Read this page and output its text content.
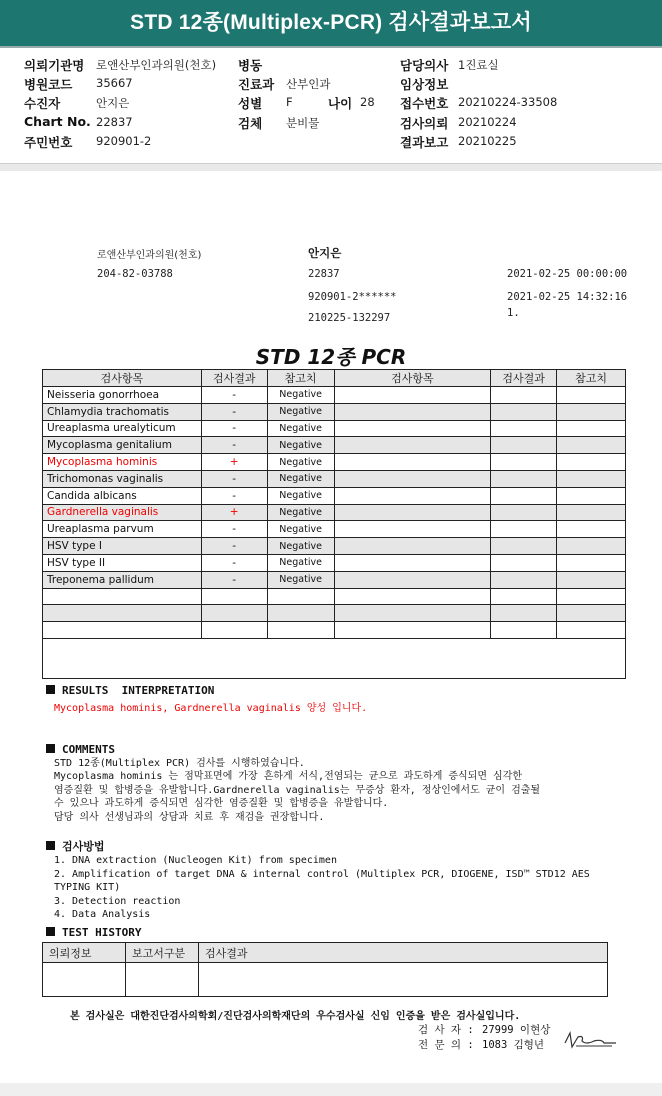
STD 12종(Multiplex-PCR) 검사결과보고서
의뢰기관명 로앤산부인과의원(천호)
병원코드 35667
수진자	안지은
Chart No. 22837
주민번호 920901-2
병동
진료과 산부인과
성별 F	나이 28
검체 분비물
담당의사 1진료실
임상정보
접수번호 20210224-33508
검사의뢰 20210224
결과보고 20210225
로앤산부인과의원(천호)
204-82-03788
안지은
22837
920901-2******
210225-132297
2021-02-25 00:00:00
2021-02-25 14:32:16
1.
STD 12종 PCR
검사항목	검사결과	참고치	검사항목	검사결과	참고치
Neisseria gonorrhoea	-	Negative			
Chlamydia trachomatis	-	Negative			
Ureaplasma urealyticum	-	Negative			
Mycoplasma genitalium	-	Negative			
Mycoplasma hominis	+	Negative			
Trichomonas vaginalis	-	Negative			
Candida albicans	-	Negative			
Gardnerella vaginalis	+	Negative			
Ureaplasma parvum	-	Negative			
HSV type I	-	Negative			
HSV type II	-	Negative			
Treponema pallidum	-	Negative			

RESULTS  INTERPRETATION
Mycoplasma hominis, Gardnerella vaginalis 양성 입니다.
COMMENTS
STD 12종(Multiplex PCR) 검사를 시행하였습니다.
Mycoplasma hominis 는 점막표면에 가장 흔하게 서식,전염되는 균으로 과도하게 증식되면 심각한
염증질환 및 합병증을 유발합니다.Gardnerella vaginalis는 무증상 환자, 정상인에서도 균이 검출될
수 있으나 과도하게 증식되면 심각한 염증질환 및 합병증을 유발합니다.
담당 의사 선생님과의 상담과 치료 후 재검을 권장합니다.
검사방법
1. DNA extraction (Nucleogen Kit) from specimen
2. Amplification of target DNA & internal control (Multiplex PCR, DIOGENE, ISD™ STD12 AES
TYPING KIT)
3. Detection reaction
4. Data Analysis
TEST HISTORY
의뢰정보	보고서구분	검사결과

본 검사실은 대한진단검사의학회/진단검사의학재단의 우수검사실 신임 인증을 받은 검사실입니다.
검 사 자 : 27999 이현상
전 문 의 : 1083 김형년
